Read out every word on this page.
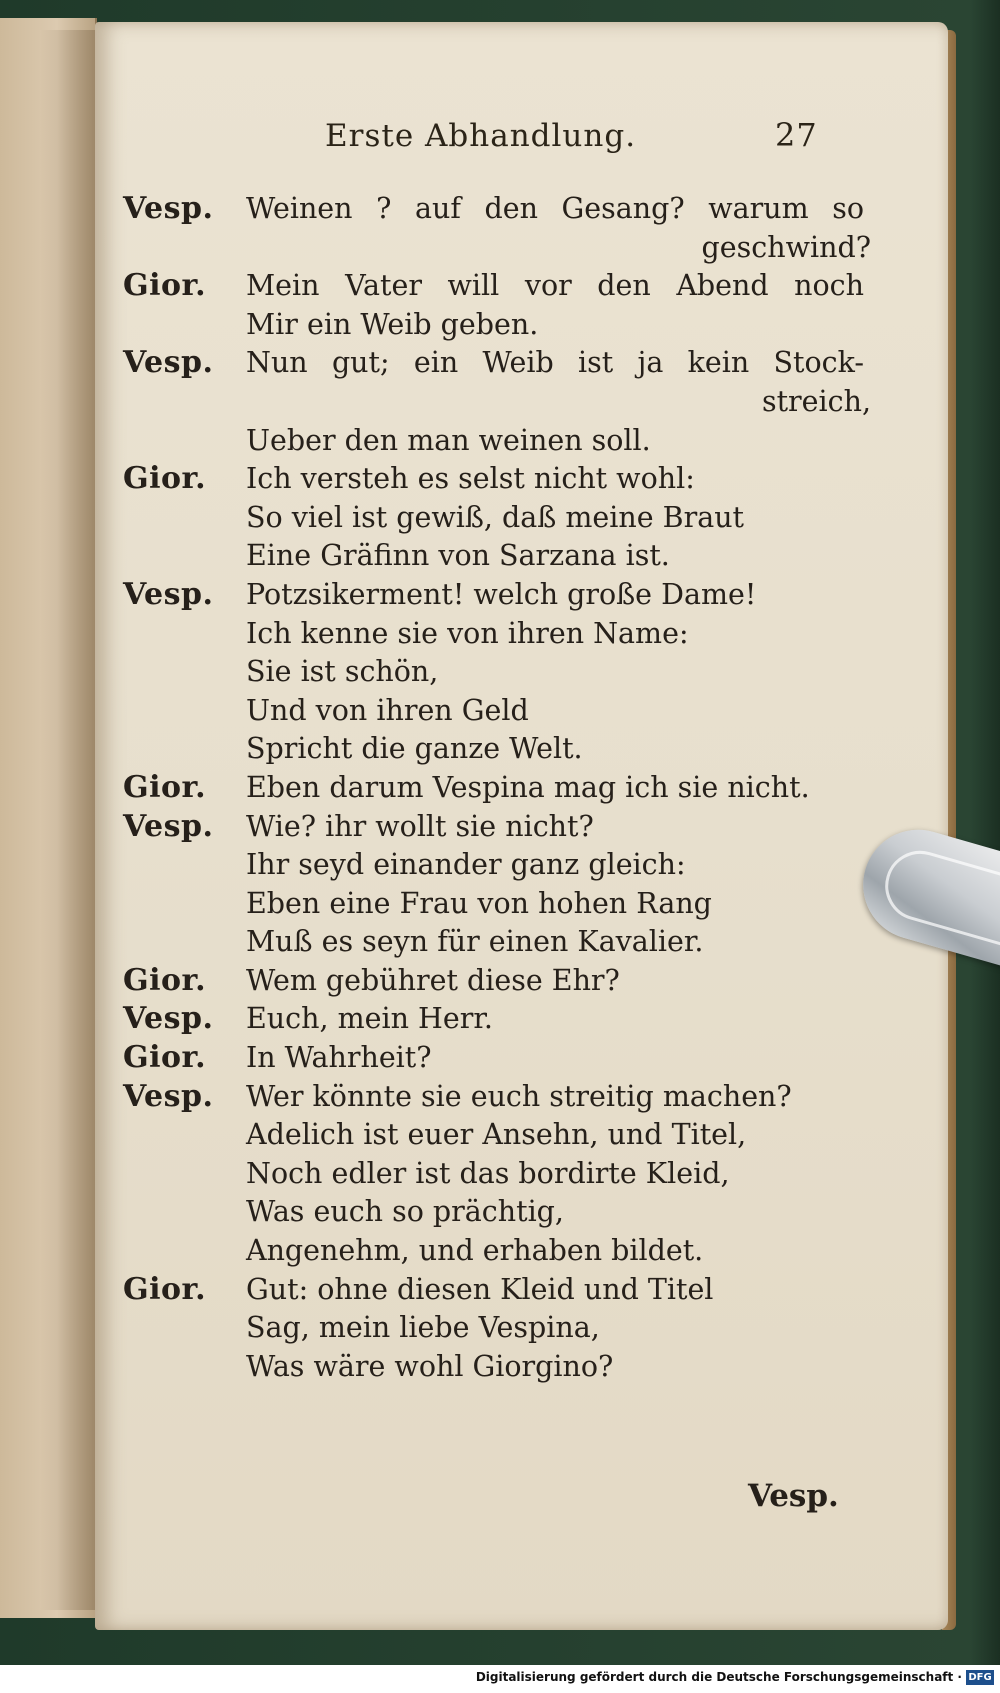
Erste Abhandlung.	27
Vesp. Weinen ? auf den Gesang? warum so
geschwind?
Gior. Mein Vater will vor den Abend noch
Mir ein Weib geben.
Vesp. Nun gut; ein Weib ist ja kein Stock-
streich,
Ueber den man weinen soll.
Gior. Ich versteh es selst nicht wohl:
So viel ist gewiß, daß meine Braut
Eine Gräfinn von Sarzana ist.
Vesp. Potzsikerment! welch große Dame!
Ich kenne sie von ihren Name:
Sie ist schön,
Und von ihren Geld
Spricht die ganze Welt.
Gior. Eben darum Vespina mag ich sie nicht.
Vesp. Wie? ihr wollt sie nicht?
Ihr seyd einander ganz gleich:
Eben eine Frau von hohen Rang
Muß es seyn für einen Kavalier.
Gior. Wem gebühret diese Ehr?
Vesp. Euch, mein Herr.
Gior. In Wahrheit?
Vesp. Wer könnte sie euch streitig machen?
Adelich ist euer Ansehn, und Titel,
Noch edler ist das bordirte Kleid,
Was euch so prächtig,
Angenehm, und erhaben bildet.
Gior. Gut: ohne diesen Kleid und Titel
Sag, mein liebe Vespina,
Was wäre wohl Giorgino?
Vesp.
Digitalisierung gefördert durch die Deutsche Forschungsgemeinschaft · DFG
